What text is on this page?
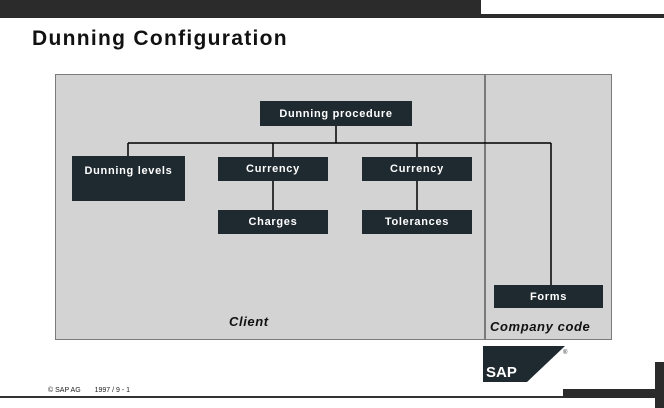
Dunning Configuration
Dunning procedure
Dunning levels	Currency	Currency
Charges	Tolerances
Forms
Client	Company code
SAP
®
© SAP AG 1997 / 9 - 1
